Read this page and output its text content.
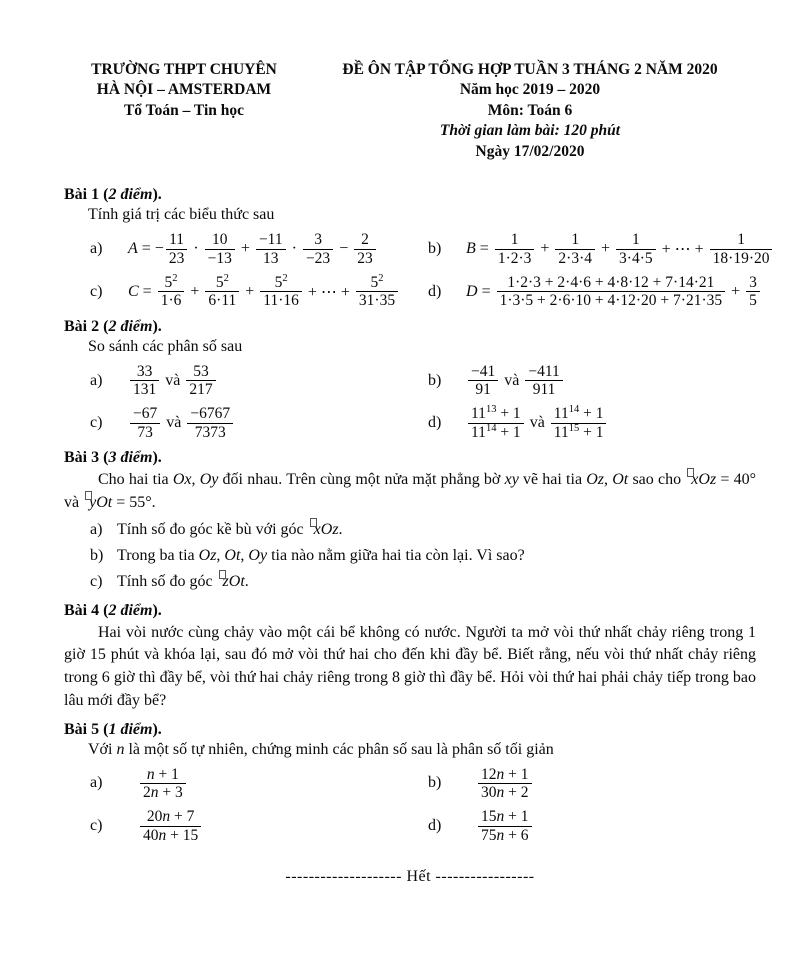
TRƯỜNG THPT CHUYÊN
HÀ NỘI – AMSTERDAM
Tổ Toán – Tin học
ĐỀ ÔN TẬP TỔNG HỢP TUẦN 3 THÁNG 2 NĂM 2020
Năm học 2019 – 2020
Môn: Toán 6
Thời gian làm bài: 120 phút
Ngày 17/02/2020
Bài 1 (2 điểm).
Tính giá trị các biểu thức sau
a)	A = − $\frac{11}{23} \cdot \frac{10}{-13} + \frac{-11}{13} \cdot \frac{3}{-23} - \frac{2}{23}$	b)	$B = \frac{1}{1\cdot 2\cdot 3} + \frac{1}{2\cdot 3\cdot 4} + \frac{1}{3\cdot 4\cdot 5}$ + ⋯ + $\frac{1}{18\cdot 19\cdot 20}$
c)	$C = \frac{5^2}{1\cdot 6} + \frac{5^2}{6\cdot 11} + \frac{5^2}{11\cdot 16}$ + ⋯ + $\frac{5^2}{31\cdot 35} d$)	$D = \frac{1\cdot 2\cdot 3 + 2\cdot 4\cdot 6 + 4\cdot 8\cdot 12 + 7\cdot 14\cdot 21}{1\cdot 3\cdot 5 + 2\cdot 6\cdot 10 + 4\cdot 12\cdot 20 + 7\cdot 21\cdot 35} + \frac{3}{5}$
Bài 2 (2 điểm).
So sánh các phân số sau
a)	$\frac{33}{131}$ và $\frac{53}{217}$	b)	$\frac{-41}{91}$ và $\frac{-411}{911}$
c)	$\frac{-67}{73}$ và $\frac{-6767}{7373}$	d)	$\frac{11^{13} + 1}{11^{14} + 1}$ và $\frac{11^{14} + 1}{11^{15} + 1}$
Bài 3 (3 điểm).

Cho hai tia Ox, Oy đối nhau. Trên cùng một nửa mặt phẳng bờ xy vẽ hai tia Oz, Ot sao cho xOz = 40° và yOt = 55°.

a) Tính số đo góc kề bù với góc xOz.
b) Trong ba tia Oz, Ot, Oy tia nào nằm giữa hai tia còn lại. Vì sao?
c) Tính số đo góc zOt.
Bài 4 (2 điểm).

Hai vòi nước cùng chảy vào một cái bể không có nước. Người ta mở vòi thứ nhất chảy riêng trong 1 giờ 15 phút và khóa lại, sau đó mở vòi thứ hai cho đến khi đầy bể. Biết rằng, nếu vòi thứ nhất chảy riêng trong 6 giờ thì đầy bể, vòi thứ hai chảy riêng trong 8 giờ thì đầy bể. Hỏi vòi thứ hai phải chảy tiếp trong bao lâu mới đầy bể?

Bài 5 (1 điểm).
Với n là một số tự nhiên, chứng minh các phân số sau là phân số tối giản
a)	$\frac{n + 1}{2n + 3}$	b)	$\frac{12n + 1}{30n + 2}$
c)	$\frac{20n + 7}{40n + 15}$	d)	$\frac{15n + 1}{75n + 6}$
-------------------- Hết -----------------
